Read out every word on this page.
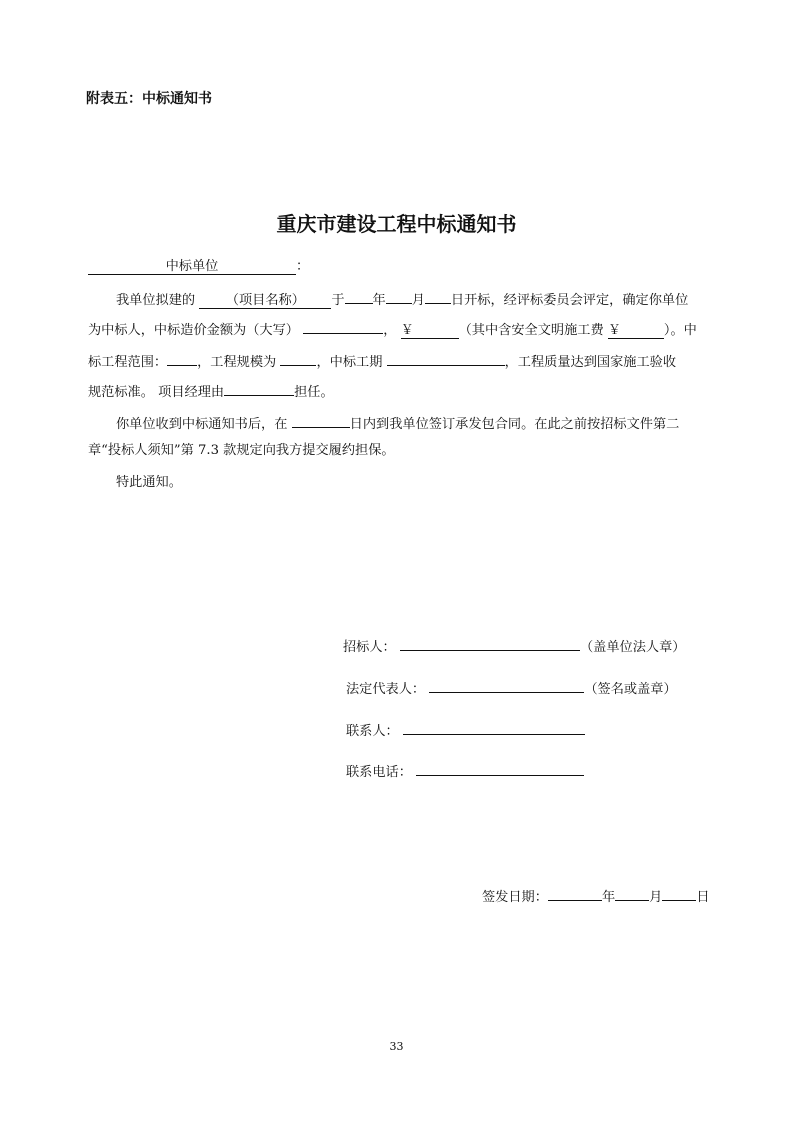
附表五：中标通知书
重庆市建设工程中标通知书
中标单位	：
我单位拟建的 （项目名称） 于 年 月 日开标，经评标委员会评定，确定你单位
为中标人，中标造价金额为（大写）	， ￥	（其中含安全文明施工费 ￥	）。中
标工程范围： ，工程规模为	，中标工期	，工程质量达到国家施工验收
规范标准。 项目经理由	担任。
你单位收到中标通知书后，在	日内到我单位签订承发包合同。在此之前按招标文件第二
章“投标人须知”第 7.3 款规定向我方提交履约担保。
特此通知。
招标人：	（盖单位法人章）
法定代表人：	（签名或盖章）
联系人：
联系电话：
签发日期：	年	月	日
33
